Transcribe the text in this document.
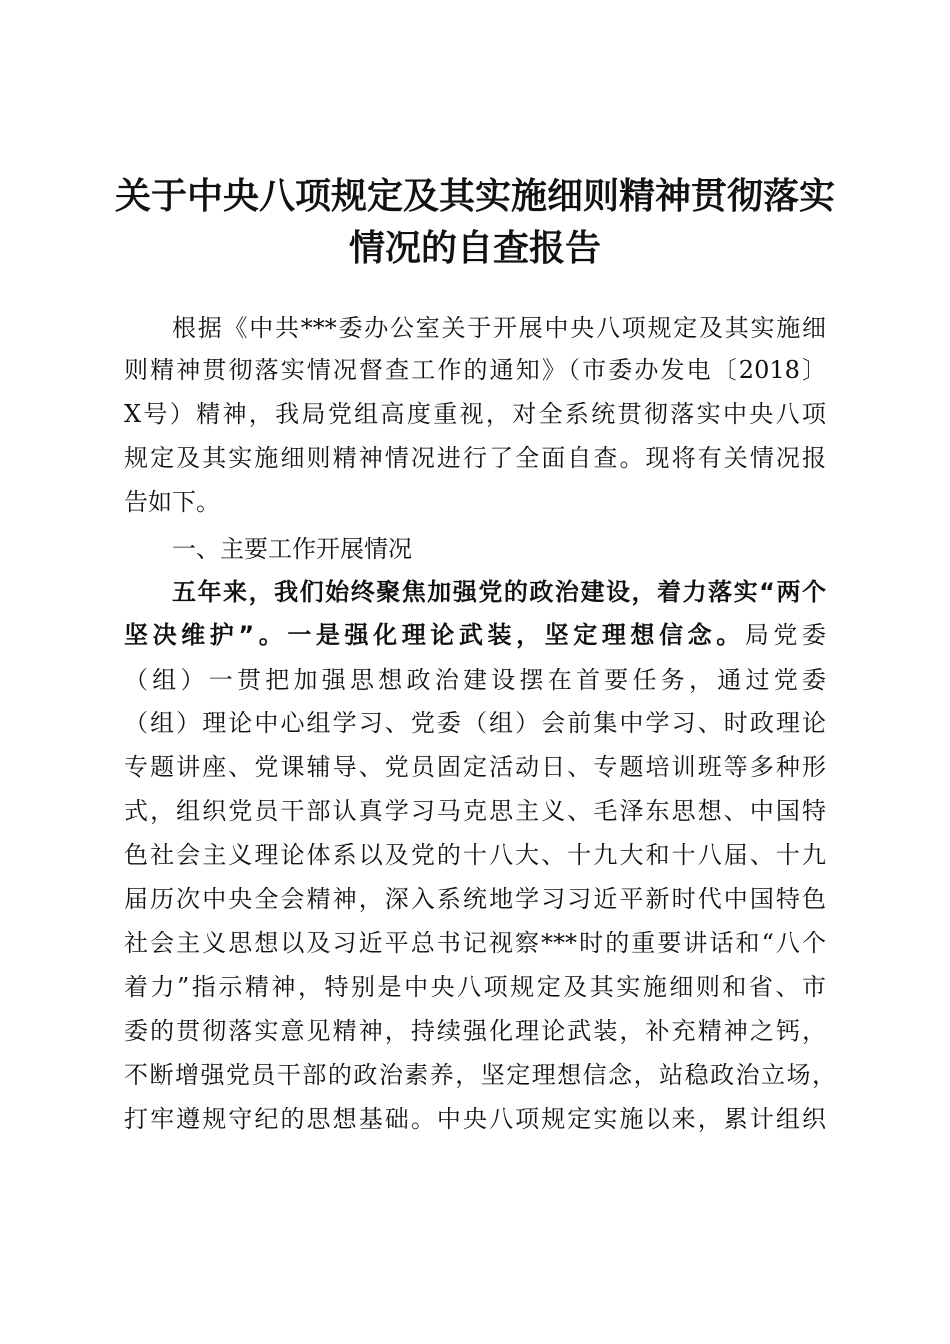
关于中央八项规定及其实施细则精神贯彻落实
情况的自查报告
根据《中共***委办公室关于开展中央八项规定及其实施细
则精神贯彻落实情况督查工作的通知》（市委办发电〔2018〕
X号）精神，我局党组高度重视，对全系统贯彻落实中央八项
规定及其实施细则精神情况进行了全面自查。现将有关情况报
告如下。
一、主要工作开展情况
五年来，我们始终聚焦加强党的政治建设，着力落实“两个
坚决维护”。一是强化理论武装，坚定理想信念。局党委
（组）一贯把加强思想政治建设摆在首要任务，通过党委
（组）理论中心组学习、党委（组）会前集中学习、时政理论
专题讲座、党课辅导、党员固定活动日、专题培训班等多种形
式，组织党员干部认真学习马克思主义、毛泽东思想、中国特
色社会主义理论体系以及党的十八大、十九大和十八届、十九
届历次中央全会精神，深入系统地学习习近平新时代中国特色
社会主义思想以及习近平总书记视察***时的重要讲话和“八个
着力”指示精神，特别是中央八项规定及其实施细则和省、市
委的贯彻落实意见精神，持续强化理论武装，补充精神之钙，
不断增强党员干部的政治素养，坚定理想信念，站稳政治立场，
打牢遵规守纪的思想基础。中央八项规定实施以来，累计组织
